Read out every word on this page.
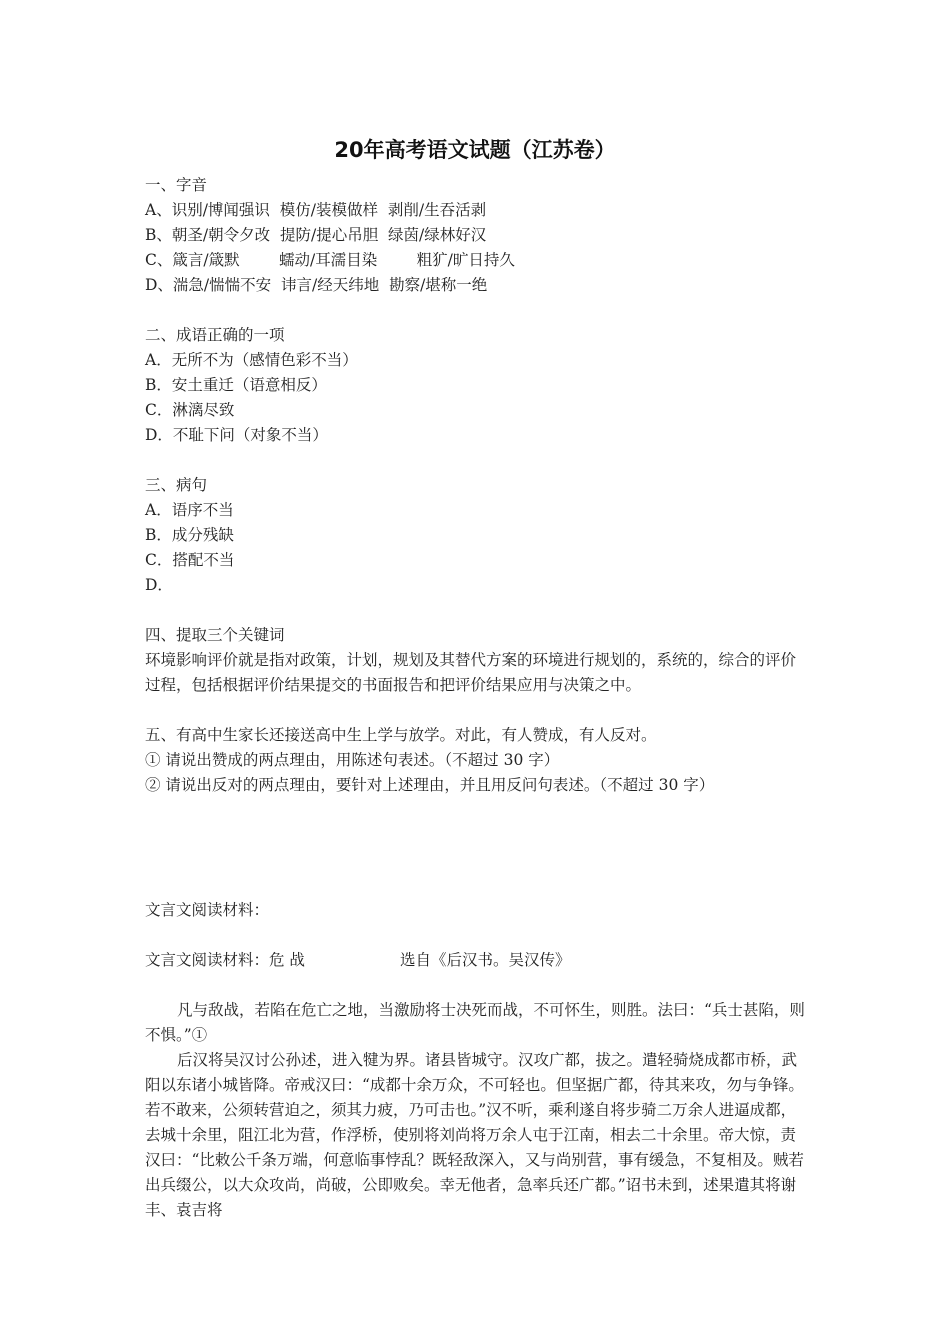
20年高考语文试题（江苏卷）
一、字音
A、识别/博闻强识  模仿/装模做样  剥削/生吞活剥
B、朝圣/朝令夕改  提防/提心吊胆  绿茵/绿林好汉
C、箴言/箴默        蠕动/耳濡目染        粗犷/旷日持久
D、湍急/惴惴不安  讳言/经天纬地  勘察/堪称一绝
二、成语正确的一项
A．无所不为（感情色彩不当）
B．安土重迁（语意相反）
C．淋漓尽致
D．不耻下问（对象不当）
三、病句
A．语序不当
B．成分残缺
C．搭配不当
D．
四、提取三个关键词
环境影响评价就是指对政策，计划，规划及其替代方案的环境进行规划的，系统的，综合的评价过程，包括根据评价结果提交的书面报告和把评价结果应用与决策之中。
五、有高中生家长还接送高中生上学与放学。对此，有人赞成，有人反对。
① 请说出赞成的两点理由，用陈述句表述。（不超过 30 字）
② 请说出反对的两点理由，要针对上述理由，并且用反问句表述。（不超过 30 字）
文言文阅读材料：
文言文阅读材料：危 战	选自《后汉书。吴汉传》
凡与敌战，若陷在危亡之地，当激励将士决死而战，不可怀生，则胜。法曰：“兵士甚陷，则不惧。”①
后汉将吴汉讨公孙述，进入犍为界。诸县皆城守。汉攻广都，拔之。遣轻骑烧成都市桥，武阳以东诸小城皆降。帝戒汉曰：“成都十余万众，不可轻也。但坚据广都，待其来攻，勿与争锋。若不敢来，公须转营迫之，须其力疲，乃可击也。”汉不听，乘利遂自将步骑二万余人进逼成都，去城十余里，阻江北为营，作浮桥，使别将刘尚将万余人屯于江南，相去二十余里。帝大惊，责汉曰：“比敕公千条万端，何意临事悖乱？既轻敌深入，又与尚别营，事有缓急，不复相及。贼若出兵缀公，以大众攻尚，尚破，公即败矣。幸无他者，急率兵还广都。”诏书未到，述果遣其将谢丰、袁吉将
